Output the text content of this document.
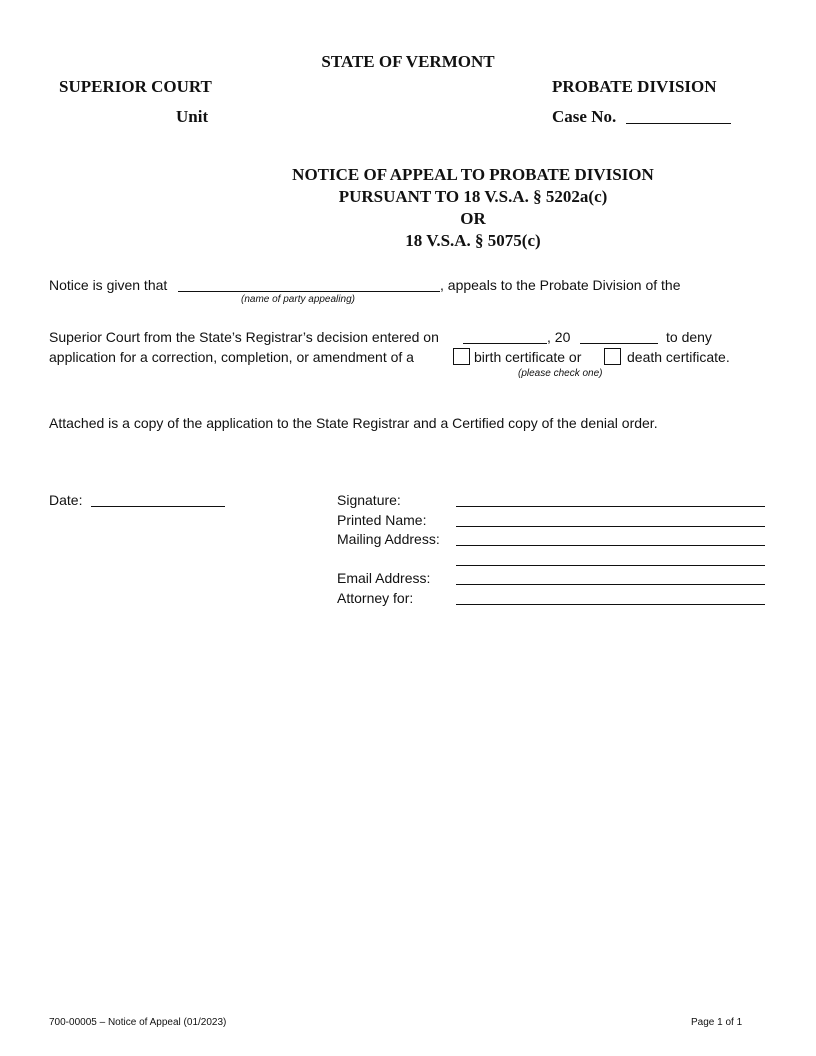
STATE OF VERMONT
SUPERIOR COURT	PROBATE DIVISION
Unit	Case No.
NOTICE OF APPEAL TO PROBATE DIVISION
PURSUANT TO 18 V.S.A. § 5202a(c)
OR
18 V.S.A. § 5075(c)
Notice is given that	, appeals to the Probate Division of the
(name of party appealing)
Superior Court from the State’s Registrar’s decision entered on	, 20	to deny
application for a correction, completion, or amendment of a	birth certificate or	death certificate.
(please check one)
Attached is a copy of the application to the State Registrar and a Certified copy of the denial order.
Date:	Signature:
Printed Name:
Mailing Address:
Email Address:
Attorney for:
700-00005 – Notice of Appeal (01/2023)	Page 1 of 1
